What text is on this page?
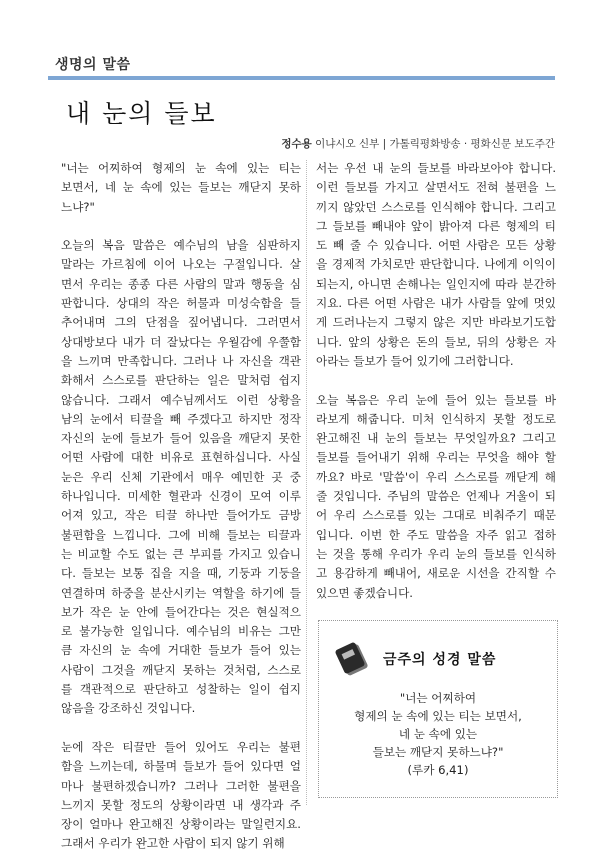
생명의 말씀
내 눈의 들보
정수용 이냐시오 신부 | 가톨릭평화방송 · 평화신문 보도주간
"너는 어찌하여 형제의 눈 속에 있는 티는
보면서, 네 눈 속에 있는 들보는 깨닫지 못하
느냐?"
오늘의 복음 말씀은 예수님의 남을 심판하지
말라는 가르침에 이어 나오는 구절입니다. 살
면서 우리는 종종 다른 사람의 말과 행동을 심
판합니다. 상대의 작은 허물과 미성숙함을 들
추어내며 그의 단점을 짚어냅니다. 그러면서
상대방보다 내가 더 잘났다는 우월감에 우쭐함
을 느끼며 만족합니다. 그러나 나 자신을 객관
화해서 스스로를 판단하는 일은 말처럼 쉽지
않습니다. 그래서 예수님께서도 이런 상황을
남의 눈에서 티끌을 빼 주겠다고 하지만 정작
자신의 눈에 들보가 들어 있음을 깨닫지 못한
어떤 사람에 대한 비유로 표현하십니다. 사실
눈은 우리 신체 기관에서 매우 예민한 곳 중
하나입니다. 미세한 혈관과 신경이 모여 이루
어져 있고, 작은 티끌 하나만 들어가도 금방
불편함을 느낍니다. 그에 비해 들보는 티끌과
는 비교할 수도 없는 큰 부피를 가지고 있습니
다. 들보는 보통 집을 지을 때, 기둥과 기둥을
연결하며 하중을 분산시키는 역할을 하기에 들
보가 작은 눈 안에 들어간다는 것은 현실적으
로 불가능한 일입니다. 예수님의 비유는 그만
큼 자신의 눈 속에 거대한 들보가 들어 있는
사람이 그것을 깨닫지 못하는 것처럼, 스스로
를 객관적으로 판단하고 성찰하는 일이 쉽지
않음을 강조하신 것입니다.
눈에 작은 티끌만 들어 있어도 우리는 불편
함을 느끼는데, 하물며 들보가 들어 있다면 얼
마나 불편하겠습니까? 그러나 그러한 불편을
느끼지 못할 정도의 상황이라면 내 생각과 주
장이 얼마나 완고해진 상황이라는 말일런지요.
그래서 우리가 완고한 사람이 되지 않기 위해
서는 우선 내 눈의 들보를 바라보아야 합니다.
이런 들보를 가지고 살면서도 전혀 불편을 느
끼지 않았던 스스로를 인식해야 합니다. 그리고
그 들보를 빼내야 앞이 밝아져 다른 형제의 티
도 빼 줄 수 있습니다. 어떤 사람은 모든 상황
을 경제적 가치로만 판단합니다. 나에게 이익이
되는지, 아니면 손해나는 일인지에 따라 분간하
지요. 다른 어떤 사람은 내가 사람들 앞에 멋있
게 드러나는지 그렇지 않은 지만 바라보기도합
니다. 앞의 상황은 돈의 들보, 뒤의 상황은 자
아라는 들보가 들어 있기에 그러합니다.
오늘 복음은 우리 눈에 들어 있는 들보를 바
라보게 해줍니다. 미처 인식하지 못할 정도로
완고해진 내 눈의 들보는 무엇일까요? 그리고
들보를 들어내기 위해 우리는 무엇을 해야 할
까요? 바로 '말씀'이 우리 스스로를 깨닫게 해
줄 것입니다. 주님의 말씀은 언제나 거울이 되
어 우리 스스로를 있는 그대로 비춰주기 때문
입니다. 이번 한 주도 말씀을 자주 읽고 접하
는 것을 통해 우리가 우리 눈의 들보를 인식하
고 용감하게 빼내어, 새로운 시선을 간직할 수
있으면 좋겠습니다.
금주의 성경 말씀
"너는 어찌하여
형제의 눈 속에 있는 티는 보면서,
네 눈 속에 있는
들보는 깨닫지 못하느냐?"
(루카 6,41)
